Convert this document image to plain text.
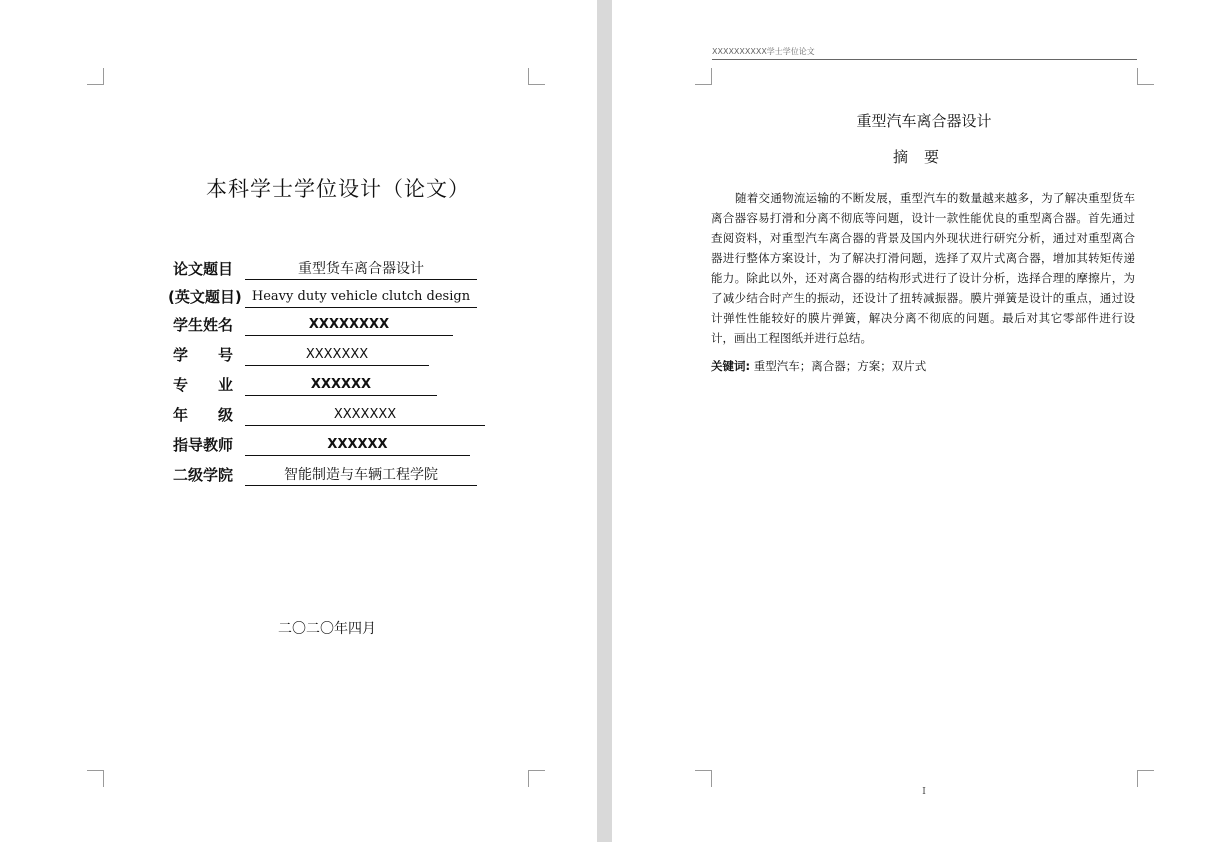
本科学士学位设计（论文）
论文题目	重型货车离合器设计
(英文题目) Heavy duty vehicle clutch design
学生姓名	XXXXXXXX
学　　号	XXXXXXX
专　　业	XXXXXX
年　　级	XXXXXXX
指导教师	XXXXXX
二级学院	智能制造与车辆工程学院
二〇二〇年四月
XXXXXXXXXX学士学位论文
重型汽车离合器设计
摘要

随着交通物流运输的不断发展，重型汽车的数量越来越多，为了解决重型货车离合器容易打滑和分离不彻底等问题，设计一款性能优良的重型离合器。首先通过查阅资料，对重型汽车离合器的背景及国内外现状进行研究分析，通过对重型离合器进行整体方案设计，为了解决打滑问题，选择了双片式离合器，增加其转矩传递能力。除此以外，还对离合器的结构形式进行了设计分析，选择合理的摩擦片，为了减少结合时产生的振动，还设计了扭转减振器。膜片弹簧是设计的重点，通过设计弹性性能较好的膜片弹簧，解决分离不彻底的问题。最后对其它零部件进行设计，画出工程图纸并进行总结。

关键词: 重型汽车；离合器；方案；双片式
I
